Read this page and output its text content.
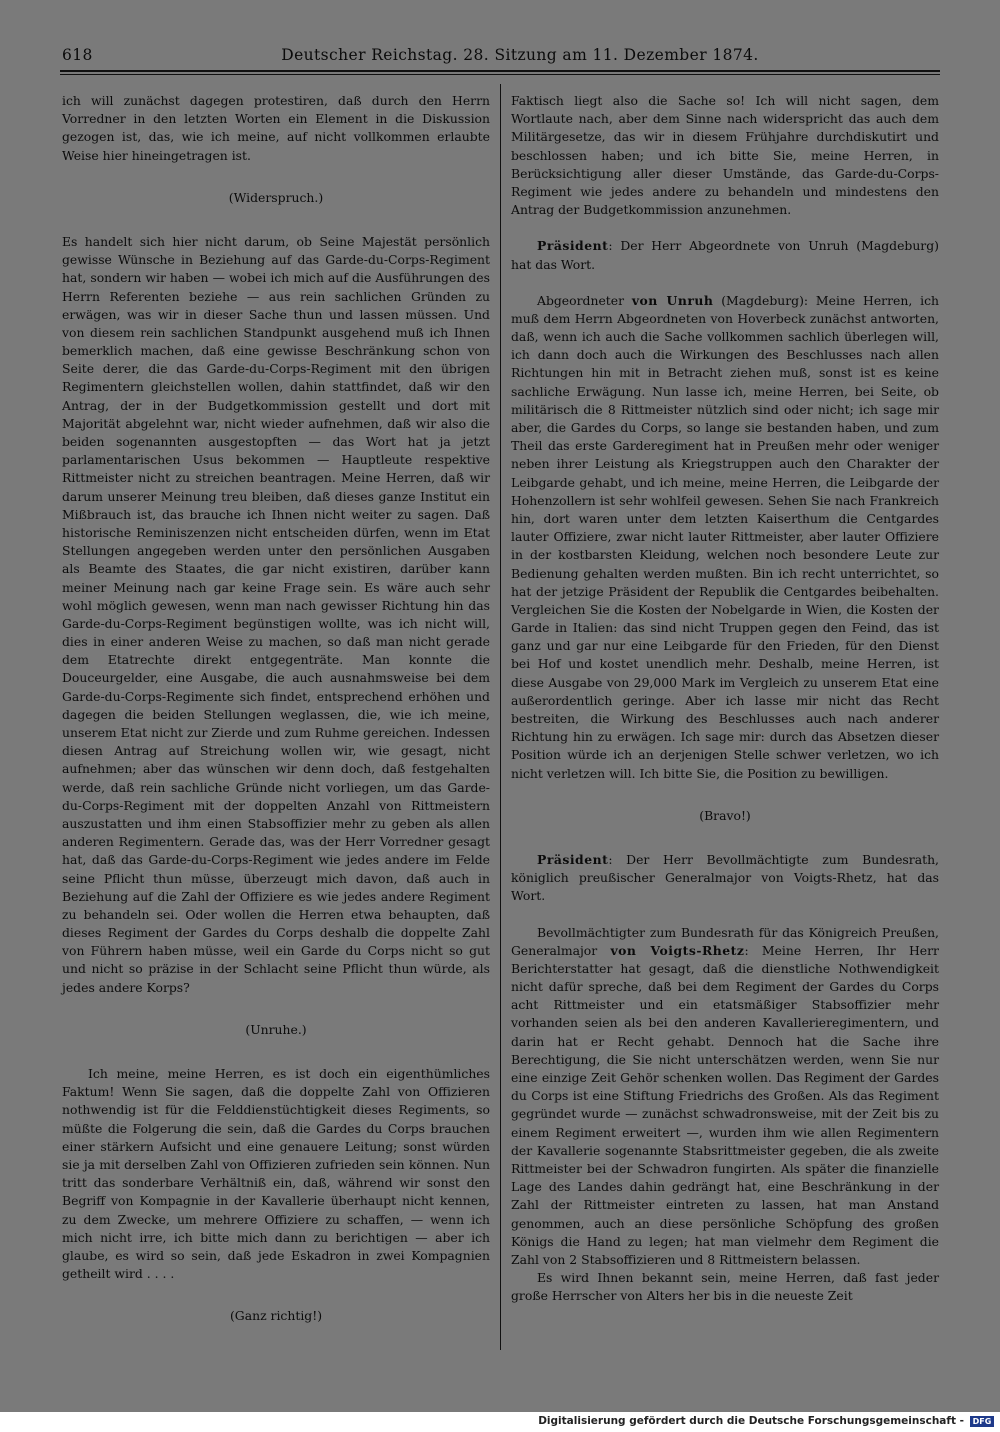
618	Deutscher Reichstag. 28. Sitzung am 11. Dezember 1874.

ich will zunächst dagegen protestiren, daß durch den Herrn Vorredner in den letzten Worten ein Element in die Diskussion gezogen ist, das, wie ich meine, auf nicht vollkommen erlaubte Weise hier hineingetragen ist.

(Widerspruch.)

Es handelt sich hier nicht darum, ob Seine Majestät persönlich gewisse Wünsche in Beziehung auf das Garde-du-Corps-Regiment hat, sondern wir haben — wobei ich mich auf die Ausführungen des Herrn Referenten beziehe — aus rein sachlichen Gründen zu erwägen, was wir in dieser Sache thun und lassen müssen. Und von diesem rein sachlichen Standpunkt ausgehend muß ich Ihnen bemerklich machen, daß eine gewisse Beschränkung schon von Seite derer, die das Garde-du-Corps-Regiment mit den übrigen Regimentern gleichstellen wollen, dahin stattfindet, daß wir den Antrag, der in der Budgetkommission gestellt und dort mit Majorität abgelehnt war, nicht wieder aufnehmen, daß wir also die beiden sogenannten ausgestopften — das Wort hat ja jetzt parlamentarischen Usus bekommen — Hauptleute respektive Rittmeister nicht zu streichen beantragen. Meine Herren, daß wir darum unserer Meinung treu bleiben, daß dieses ganze Institut ein Mißbrauch ist, das brauche ich Ihnen nicht weiter zu sagen. Daß historische Reminiszenzen nicht entscheiden dürfen, wenn im Etat Stellungen angegeben werden unter den persönlichen Ausgaben als Beamte des Staates, die gar nicht existiren, darüber kann meiner Meinung nach gar keine Frage sein. Es wäre auch sehr wohl möglich gewesen, wenn man nach gewisser Richtung hin das Garde-du-Corps-Regiment begünstigen wollte, was ich nicht will, dies in einer anderen Weise zu machen, so daß man nicht gerade dem Etatrechte direkt entgegenträte. Man konnte die Douceurgelder, eine Ausgabe, die auch ausnahmsweise bei dem Garde-du-Corps-Regimente sich findet, entsprechend erhöhen und dagegen die beiden Stellungen weglassen, die, wie ich meine, unserem Etat nicht zur Zierde und zum Ruhme gereichen. Indessen diesen Antrag auf Streichung wollen wir, wie gesagt, nicht aufnehmen; aber das wünschen wir denn doch, daß festgehalten werde, daß rein sachliche Gründe nicht vorliegen, um das Garde-du-Corps-Regiment mit der doppelten Anzahl von Rittmeistern auszustatten und ihm einen Stabsoffizier mehr zu geben als allen anderen Regimentern. Gerade das, was der Herr Vorredner gesagt hat, daß das Garde-du-Corps-Regiment wie jedes andere im Felde seine Pflicht thun müsse, überzeugt mich davon, daß auch in Beziehung auf die Zahl der Offiziere es wie jedes andere Regiment zu behandeln sei. Oder wollen die Herren etwa behaupten, daß dieses Regiment der Gardes du Corps deshalb die doppelte Zahl von Führern haben müsse, weil ein Garde du Corps nicht so gut und nicht so präzise in der Schlacht seine Pflicht thun würde, als jedes andere Korps?

(Unruhe.)

Ich meine, meine Herren, es ist doch ein eigenthümliches Faktum! Wenn Sie sagen, daß die doppelte Zahl von Offizieren nothwendig ist für die Felddienstüchtigkeit dieses Regiments, so müßte die Folgerung die sein, daß die Gardes du Corps brauchen einer stärkern Aufsicht und eine genauere Leitung; sonst würden sie ja mit derselben Zahl von Offizieren zufrieden sein können. Nun tritt das sonderbare Verhältniß ein, daß, während wir sonst den Begriff von Kompagnie in der Kavallerie überhaupt nicht kennen, zu dem Zwecke, um mehrere Offiziere zu schaffen, — wenn ich mich nicht irre, ich bitte mich dann zu berichtigen — aber ich glaube, es wird so sein, daß jede Eskadron in zwei Kompagnien getheilt wird . . . .

(Ganz richtig!)

Faktisch liegt also die Sache so! Ich will nicht sagen, dem Wortlaute nach, aber dem Sinne nach widerspricht das auch dem Militärgesetze, das wir in diesem Frühjahre durchdiskutirt und beschlossen haben; und ich bitte Sie, meine Herren, in Berücksichtigung aller dieser Umstände, das Garde-du-Corps-Regiment wie jedes andere zu behandeln und mindestens den Antrag der Budgetkommission anzunehmen.

Präsident: Der Herr Abgeordnete von Unruh (Magdeburg) hat das Wort.

Abgeordneter von Unruh (Magdeburg): Meine Herren, ich muß dem Herrn Abgeordneten von Hoverbeck zunächst antworten, daß, wenn ich auch die Sache vollkommen sachlich überlegen will, ich dann doch auch die Wirkungen des Beschlusses nach allen Richtungen hin mit in Betracht ziehen muß, sonst ist es keine sachliche Erwägung. Nun lasse ich, meine Herren, bei Seite, ob militärisch die 8 Rittmeister nützlich sind oder nicht; ich sage mir aber, die Gardes du Corps, so lange sie bestanden haben, und zum Theil das erste Garderegiment hat in Preußen mehr oder weniger neben ihrer Leistung als Kriegstruppen auch den Charakter der Leibgarde gehabt, und ich meine, meine Herren, die Leibgarde der Hohenzollern ist sehr wohlfeil gewesen. Sehen Sie nach Frankreich hin, dort waren unter dem letzten Kaiserthum die Centgardes lauter Offiziere, zwar nicht lauter Rittmeister, aber lauter Offiziere in der kostbarsten Kleidung, welchen noch besondere Leute zur Bedienung gehalten werden mußten. Bin ich recht unterrichtet, so hat der jetzige Präsident der Republik die Centgardes beibehalten. Vergleichen Sie die Kosten der Nobelgarde in Wien, die Kosten der Garde in Italien: das sind nicht Truppen gegen den Feind, das ist ganz und gar nur eine Leibgarde für den Frieden, für den Dienst bei Hof und kostet unendlich mehr. Deshalb, meine Herren, ist diese Ausgabe von 29,000 Mark im Vergleich zu unserem Etat eine außerordentlich geringe. Aber ich lasse mir nicht das Recht bestreiten, die Wirkung des Beschlusses auch nach anderer Richtung hin zu erwägen. Ich sage mir: durch das Absetzen dieser Position würde ich an derjenigen Stelle schwer verletzen, wo ich nicht verletzen will. Ich bitte Sie, die Position zu bewilligen.

(Bravo!)

Präsident: Der Herr Bevollmächtigte zum Bundesrath, königlich preußischer Generalmajor von Voigts-Rhetz, hat das Wort.

Bevollmächtigter zum Bundesrath für das Königreich Preußen, Generalmajor von Voigts-Rhetz: Meine Herren, Ihr Herr Berichterstatter hat gesagt, daß die dienstliche Nothwendigkeit nicht dafür spreche, daß bei dem Regiment der Gardes du Corps acht Rittmeister und ein etatsmäßiger Stabsoffizier mehr vorhanden seien als bei den anderen Kavallerieregimentern, und darin hat er Recht gehabt. Dennoch hat die Sache ihre Berechtigung, die Sie nicht unterschätzen werden, wenn Sie nur eine einzige Zeit Gehör schenken wollen. Das Regiment der Gardes du Corps ist eine Stiftung Friedrichs des Großen. Als das Regiment gegründet wurde — zunächst schwadronsweise, mit der Zeit bis zu einem Regiment erweitert —, wurden ihm wie allen Regimentern der Kavallerie sogenannte Stabsrittmeister gegeben, die als zweite Rittmeister bei der Schwadron fungirten. Als später die finanzielle Lage des Landes dahin gedrängt hat, eine Beschränkung in der Zahl der Rittmeister eintreten zu lassen, hat man Anstand genommen, auch an diese persönliche Schöpfung des großen Königs die Hand zu legen; hat man vielmehr dem Regiment die Zahl von 2 Stabsoffizieren und 8 Rittmeistern belassen.

Es wird Ihnen bekannt sein, meine Herren, daß fast jeder große Herrscher von Alters her bis in die neueste Zeit

Digitalisierung gefördert durch die Deutsche Forschungsgemeinschaft -	DFG
